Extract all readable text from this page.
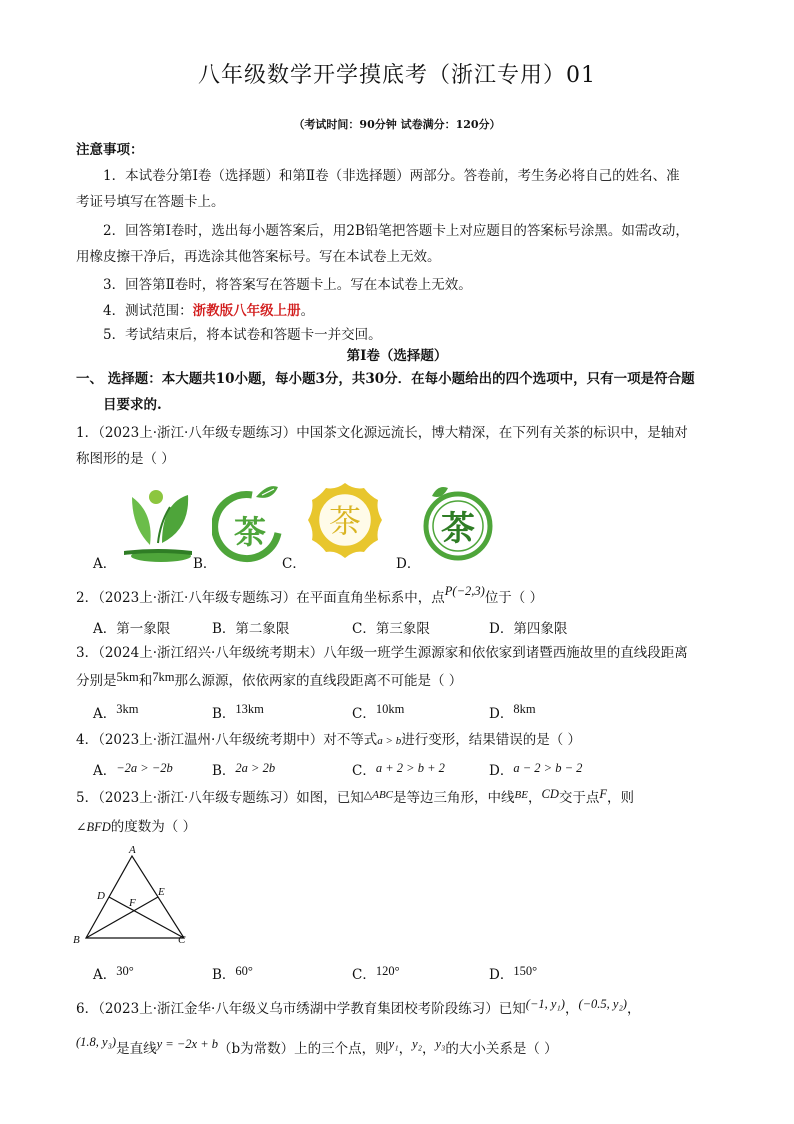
八年级数学开学摸底考（浙江专用）01
（考试时间：90分钟 试卷满分：120分）
注意事项：
1．本试卷分第Ⅰ卷（选择题）和第Ⅱ卷（非选择题）两部分。答卷前，考生务必将自己的姓名、准
考证号填写在答题卡上。
2．回答第Ⅰ卷时，选出每小题答案后，用2B铅笔把答题卡上对应题目的答案标号涂黑。如需改动，
用橡皮擦干净后，再选涂其他答案标号。写在本试卷上无效。
3．回答第Ⅱ卷时，将答案写在答题卡上。写在本试卷上无效。
4．测试范围：浙教版八年级上册。
5．考试结束后，将本试卷和答题卡一并交回。
第Ⅰ卷（选择题）
一、 选择题：本大题共10小题，每小题3分，共30分．在每小题给出的四个选项中，只有一项是符合题
目要求的.
1．（2023上·浙江·八年级专题练习）中国茶文化源远流长，博大精深，在下列有关茶的标识中，是轴对
称图形的是（ ）
A．	B．
茶
C．
茶
D．
茶
2．（2023上·浙江·八年级专题练习）在平面直角坐标系中，点P(−2,3)位于（ ）
A．第一象限	B．第二象限	C．第三象限	D．第四象限
3．（2024上·浙江绍兴·八年级统考期末）八年级一班学生源源家和依依家到诸暨西施故里的直线段距离
分别是5km和7km那么源源，依依两家的直线段距离不可能是（ ）
A．3km	B．13km	C．10km	D．8km
4．（2023上·浙江温州·八年级统考期中）对不等式a > b进行变形，结果错误的是（ ）
A．−2a > −2b	B．2a > 2b	C．a + 2 > b + 2	D．a − 2 > b − 2
5．（2023上·浙江·八年级专题练习）如图，已知$^{\triangle ABC}$是等边三角形，中线$^{BE}$，CD交于点F，则
∠BFD的度数为（ ）
A
B	C
D	E
F
A．30°	B．60°	C．120°	D．150°
6．（2023上·浙江金华·八年级义乌市绣湖中学教育集团校考阶段练习）已知(−1, y₁)，(−0.5, y₂)，
(1.8, y₃)是直线y = −2x + b（b为常数）上的三个点，则y₁，y₂，y₃的大小关系是（ ）
